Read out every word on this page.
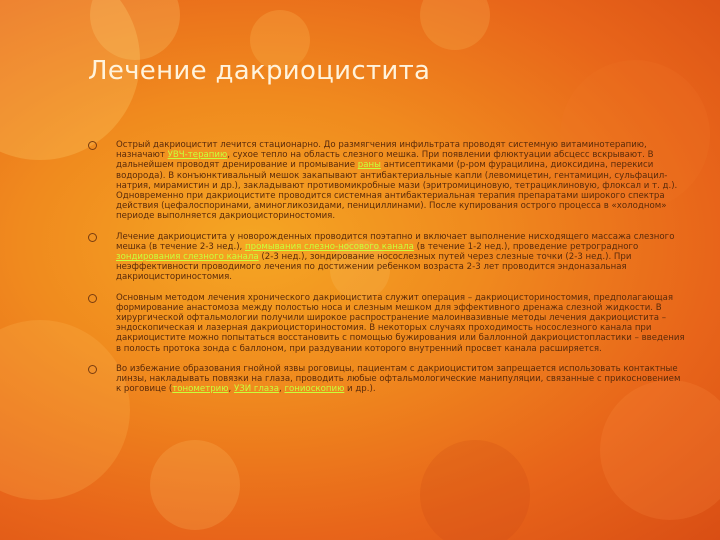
Лечение дакриоцистита
Острый дакриоцистит лечится стационарно. До размягчения инфильтрата проводят системную витаминотерапию, назначают УВЧ-терапию, сухое тепло на область слезного мешка. При появлении флюктуации абсцесс вскрывают. В дальнейшем проводят дренирование и промывание раны антисептиками (р-ром фурацилина, диоксидина, перекиси водорода). В конъюнктивальный мешок закапывают антибактериальные капли (левомицетин, гентамицин, сульфацил-натрия, мирамистин и др.), закладывают противомикробные мази (эритромициновую, тетрациклиновую, флоксал и т. д.). Одновременно при дакриоцистите проводится системная антибактериальная терапия препаратами широкого спектра действия (цефалоспоринами, аминогликозидами, пенициллинами). После купирования острого процесса в «холодном» периоде выполняется дакриоцисториностомия.
Лечение дакриоцистита у новорожденных проводится поэтапно и включает выполнение нисходящего массажа слезного мешка (в течение 2-3 нед.), промывания слезно-носового канала (в течение 1-2 нед.), проведение ретроградного зондирования слезного канала (2-3 нед.), зондирование носослезных путей через слезные точки (2-3 нед.). При неэффективности проводимого лечения по достижении ребенком возраста 2-3 лет проводится эндоназальная дакриоцисториностомия.
Основным методом лечения хронического дакриоцистита служит операция – дакриоцисториностомия, предполагающая формирование анастомоза между полостью носа и слезным мешком для эффективного дренажа слезной жидкости. В хирургической офтальмологии получили широкое распространение малоинвазивные методы лечения дакриоцистита – эндоскопическая и лазерная дакриоцисториностомия. В некоторых случаях проходимость носослезного канала при дакриоцистите можно попытаться восстановить с помощью бужирования или баллонной дакриоцистопластики – введения в полость протока зонда с баллоном, при раздувании которого внутренний просвет канала расширяется.
Во избежание образования гнойной язвы роговицы, пациентам с дакриоциститом запрещается использовать контактные линзы, накладывать повязки на глаза, проводить любые офтальмологические манипуляции, связанные с прикосновением к роговице (тонометрию, УЗИ глаза, гониоскопию и др.).
